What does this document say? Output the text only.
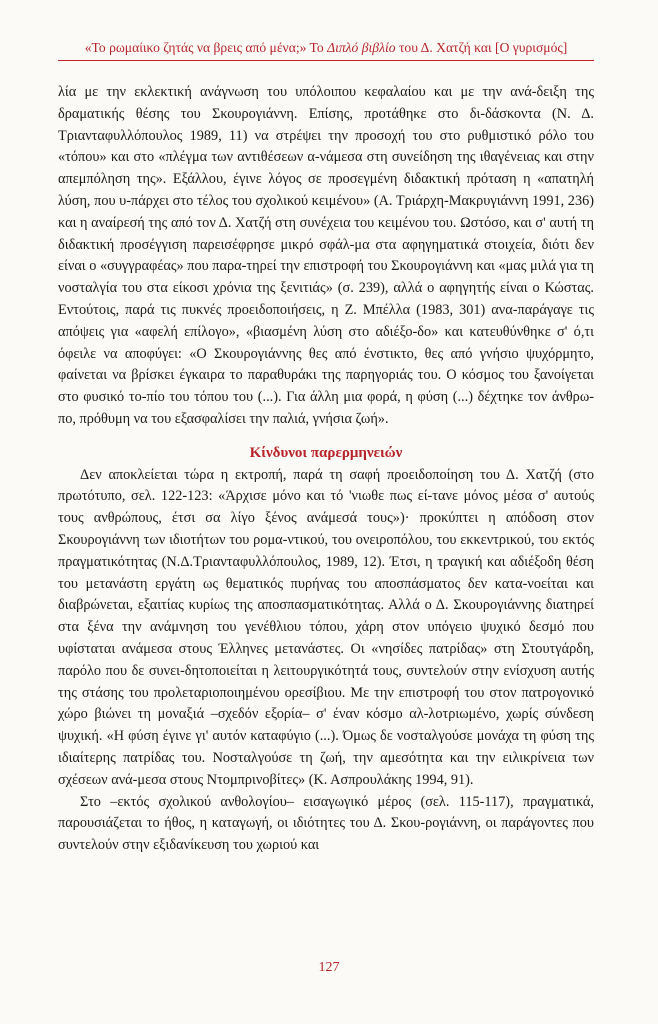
«Το ρωμαίικο ζητάς να βρεις από μένα;» Το Διπλό βιβλίο του Δ. Χατζή και [Ο γυρισμός]

λία με την εκλεκτική ανάγνωση του υπόλοιπου κεφαλαίου και με την ανά-δειξη της δραματικής θέσης του Σκουρογιάννη. Επίσης, προτάθηκε στο δι-δάσκοντα (Ν. Δ. Τριανταφυλλόπουλος 1989, 11) να στρέψει την προσοχή του στο ρυθμιστικό ρόλο του «τόπου» και στο «πλέγμα των αντιθέσεων α-νάμεσα στη συνείδηση της ιθαγένειας και στην απεμπόληση της». Εξάλλου, έγινε λόγος σε προσεγμένη διδακτική πρόταση η «απατηλή λύση, που υ-πάρχει στο τέλος του σχολικού κειμένου» (Α. Τριάρχη-Μακρυγιάννη 1991, 236) και η αναίρεσή της από τον Δ. Χατζή στη συνέχεια του κειμένου του. Ωστόσο, και σ' αυτή τη διδακτική προσέγγιση παρεισέφρησε μικρό σφάλ-μα στα αφηγηματικά στοιχεία, διότι δεν είναι ο «συγγραφέας» που παρα-τηρεί την επιστροφή του Σκουρογιάννη και «μας μιλά για τη νοσταλγία του στα είκοσι χρόνια της ξενιτιάς» (σ. 239), αλλά ο αφηγητής είναι ο Κώστας. Εντούτοις, παρά τις πυκνές προειδοποιήσεις, η Ζ. Μπέλλα (1983, 301) ανα-παράγαγε τις απόψεις για «αφελή επίλογο», «βιασμένη λύση στο αδιέξο-δο» και κατευθύνθηκε σ' ό,τι όφειλε να αποφύγει: «Ο Σκουρογιάννης θες από ένστικτο, θες από γνήσιο ψυχόρμητο, φαίνεται να βρίσκει έγκαιρα το παραθυράκι της παρηγοριάς του. Ο κόσμος του ξανοίγεται στο φυσικό το-πίο του τόπου του (...). Για άλλη μια φορά, η φύση (...) δέχτηκε τον άνθρω-πο, πρόθυμη να του εξασφαλίσει την παλιά, γνήσια ζωή».

Κίνδυνοι παρερμηνειών

Δεν αποκλείεται τώρα η εκτροπή, παρά τη σαφή προειδοποίηση του Δ. Χατζή (στο πρωτότυπο, σελ. 122-123: «Άρχισε μόνο και τό 'νιωθε πως εί-τανε μόνος μέσα σ' αυτούς τους ανθρώπους, έτσι σα λίγο ξένος ανάμεσά τους»)· προκύπτει η απόδοση στον Σκουρογιάννη των ιδιοτήτων του ρομα-ντικού, του ονειροπόλου, του εκκεντρικού, του εκτός πραγματικότητας (Ν.Δ.Τριανταφυλλόπουλος, 1989, 12). Έτσι, η τραγική και αδιέξοδη θέση του μετανάστη εργάτη ως θεματικός πυρήνας του αποσπάσματος δεν κατα-νοείται και διαβρώνεται, εξαιτίας κυρίως της αποσπασματικότητας. Αλλά ο Δ. Σκουρογιάννης διατηρεί στα ξένα την ανάμνηση του γενέθλιου τόπου, χάρη στον υπόγειο ψυχικό δεσμό που υφίσταται ανάμεσα στους Έλληνες μετανάστες. Οι «νησίδες πατρίδας» στη Στουτγάρδη, παρόλο που δε συνει-δητοποιείται η λειτουργικότητά τους, συντελούν στην ενίσχυση αυτής της στάσης του προλεταριοποιημένου ορεσίβιου. Με την επιστροφή του στον πατρογονικό χώρο βιώνει τη μοναξιά –σχεδόν εξορία– σ' έναν κόσμο αλ-λοτριωμένο, χωρίς σύνδεση ψυχική. «Η φύση έγινε γι' αυτόν καταφύγιο (...). Όμως δε νοσταλγούσε μονάχα τη φύση της ιδιαίτερης πατρίδας του. Νοσταλγούσε τη ζωή, την αμεσότητα και την ειλικρίνεια των σχέσεων ανά-μεσα στους Ντομπρινοβίτες» (Κ. Ασπρουλάκης 1994, 91).

Στο –εκτός σχολικού ανθολογίου– εισαγωγικό μέρος (σελ. 115-117), πραγματικά, παρουσιάζεται το ήθος, η καταγωγή, οι ιδιότητες του Δ. Σκου-ρογιάννη, οι παράγοντες που συντελούν στην εξιδανίκευση του χωριού και

127
